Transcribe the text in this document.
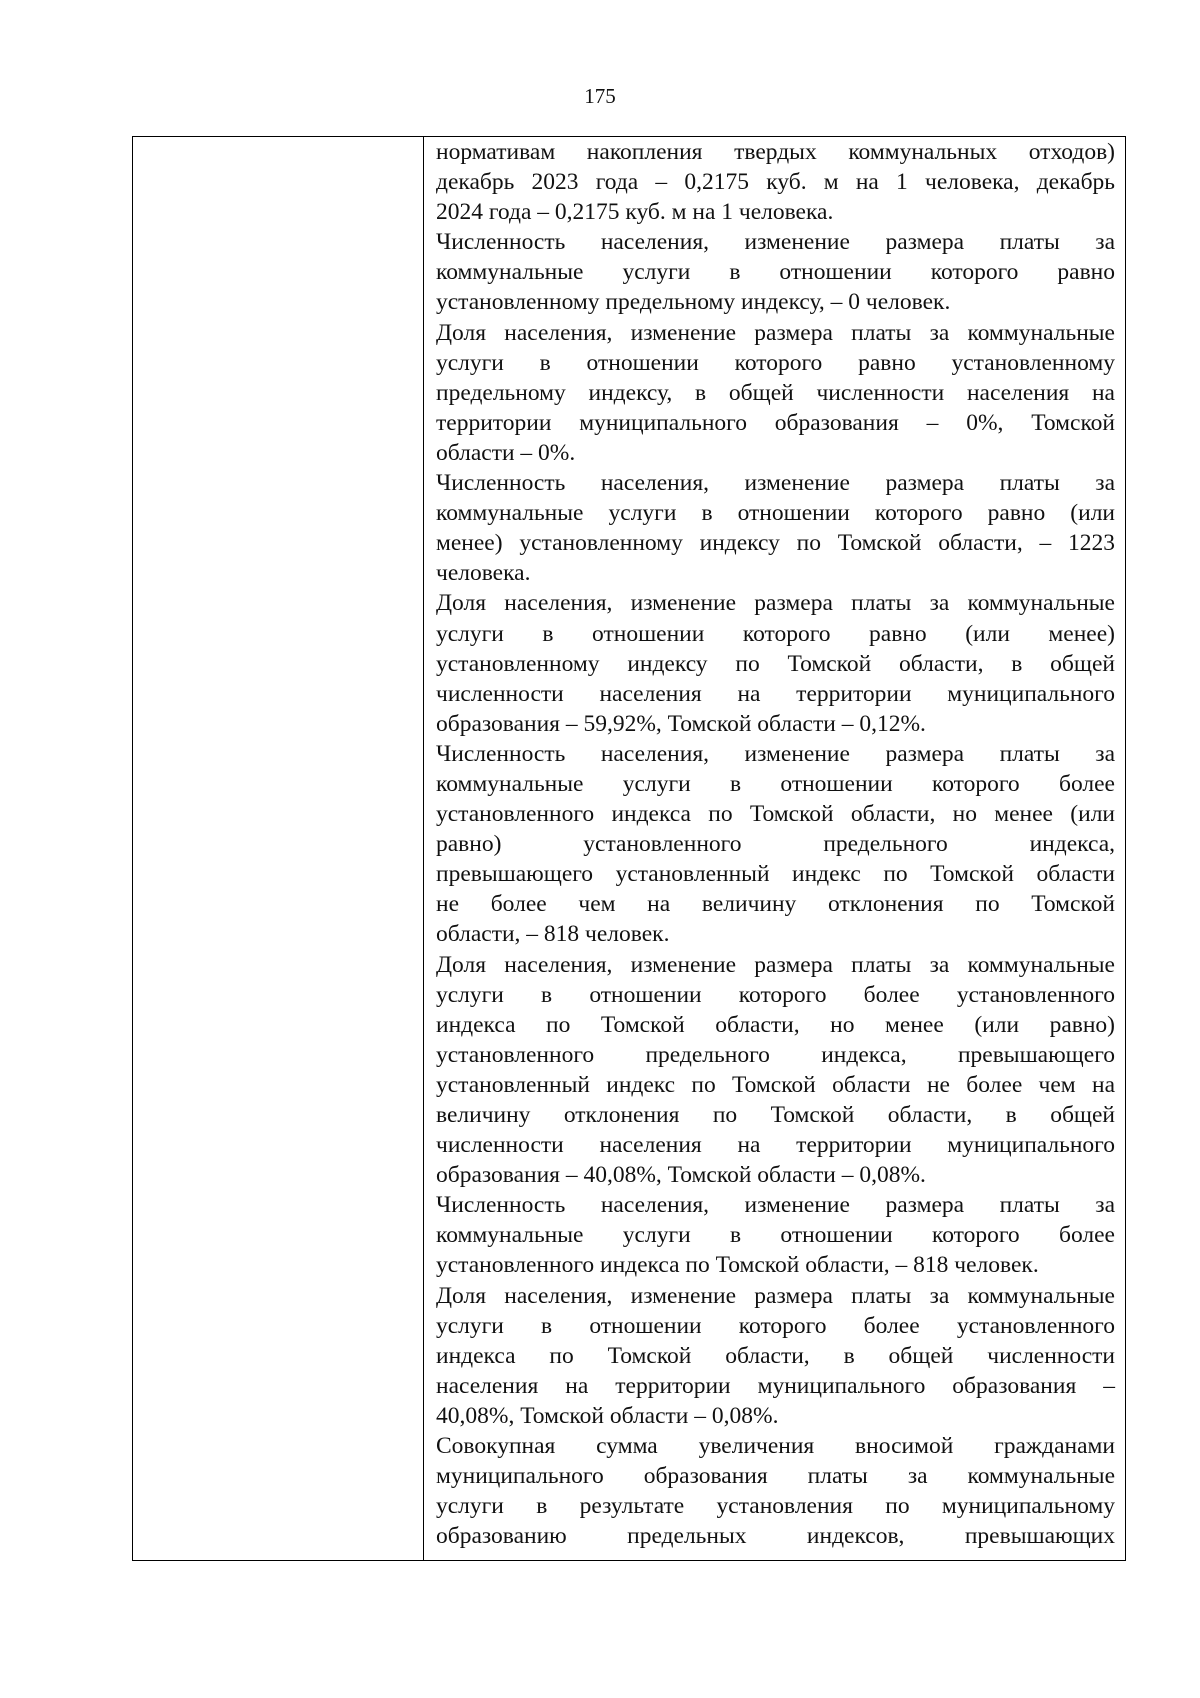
175

нормативам накопления твердых коммунальных отходов)
декабрь 2023 года – 0,2175 куб. м на 1 человека, декабрь
2024 года – 0,2175 куб. м на 1 человека.

Численность населения, изменение размера платы за
коммунальные услуги в отношении которого равно
установленному предельному индексу, – 0 человек.

Доля населения, изменение размера платы за коммунальные
услуги в отношении которого равно установленному
предельному индексу, в общей численности населения на
территории муниципального образования – 0%, Томской
области – 0%.

Численность населения, изменение размера платы за
коммунальные услуги в отношении которого равно (или
менее) установленному индексу по Томской области, – 1223
человека.

Доля населения, изменение размера платы за коммунальные
услуги в отношении которого равно (или менее)
установленному индексу по Томской области, в общей
численности населения на территории муниципального
образования – 59,92%, Томской области – 0,12%.

Численность населения, изменение размера платы за
коммунальные услуги в отношении которого более
установленного индекса по Томской области, но менее (или
равно) установленного предельного индекса,
превышающего установленный индекс по Томской области
не более чем на величину отклонения по Томской
области, – 818 человек.

Доля населения, изменение размера платы за коммунальные
услуги в отношении которого более установленного
индекса по Томской области, но менее (или равно)
установленного предельного индекса, превышающего
установленный индекс по Томской области не более чем на
величину отклонения по Томской области, в общей
численности населения на территории муниципального
образования – 40,08%, Томской области – 0,08%.

Численность населения, изменение размера платы за
коммунальные услуги в отношении которого более
установленного индекса по Томской области, – 818 человек.

Доля населения, изменение размера платы за коммунальные
услуги в отношении которого более установленного
индекса по Томской области, в общей численности
населения на территории муниципального образования –
40,08%, Томской области – 0,08%.

Совокупная сумма увеличения вносимой гражданами
муниципального образования платы за коммунальные
услуги в результате установления по муниципальному
образованию предельных индексов, превышающих
